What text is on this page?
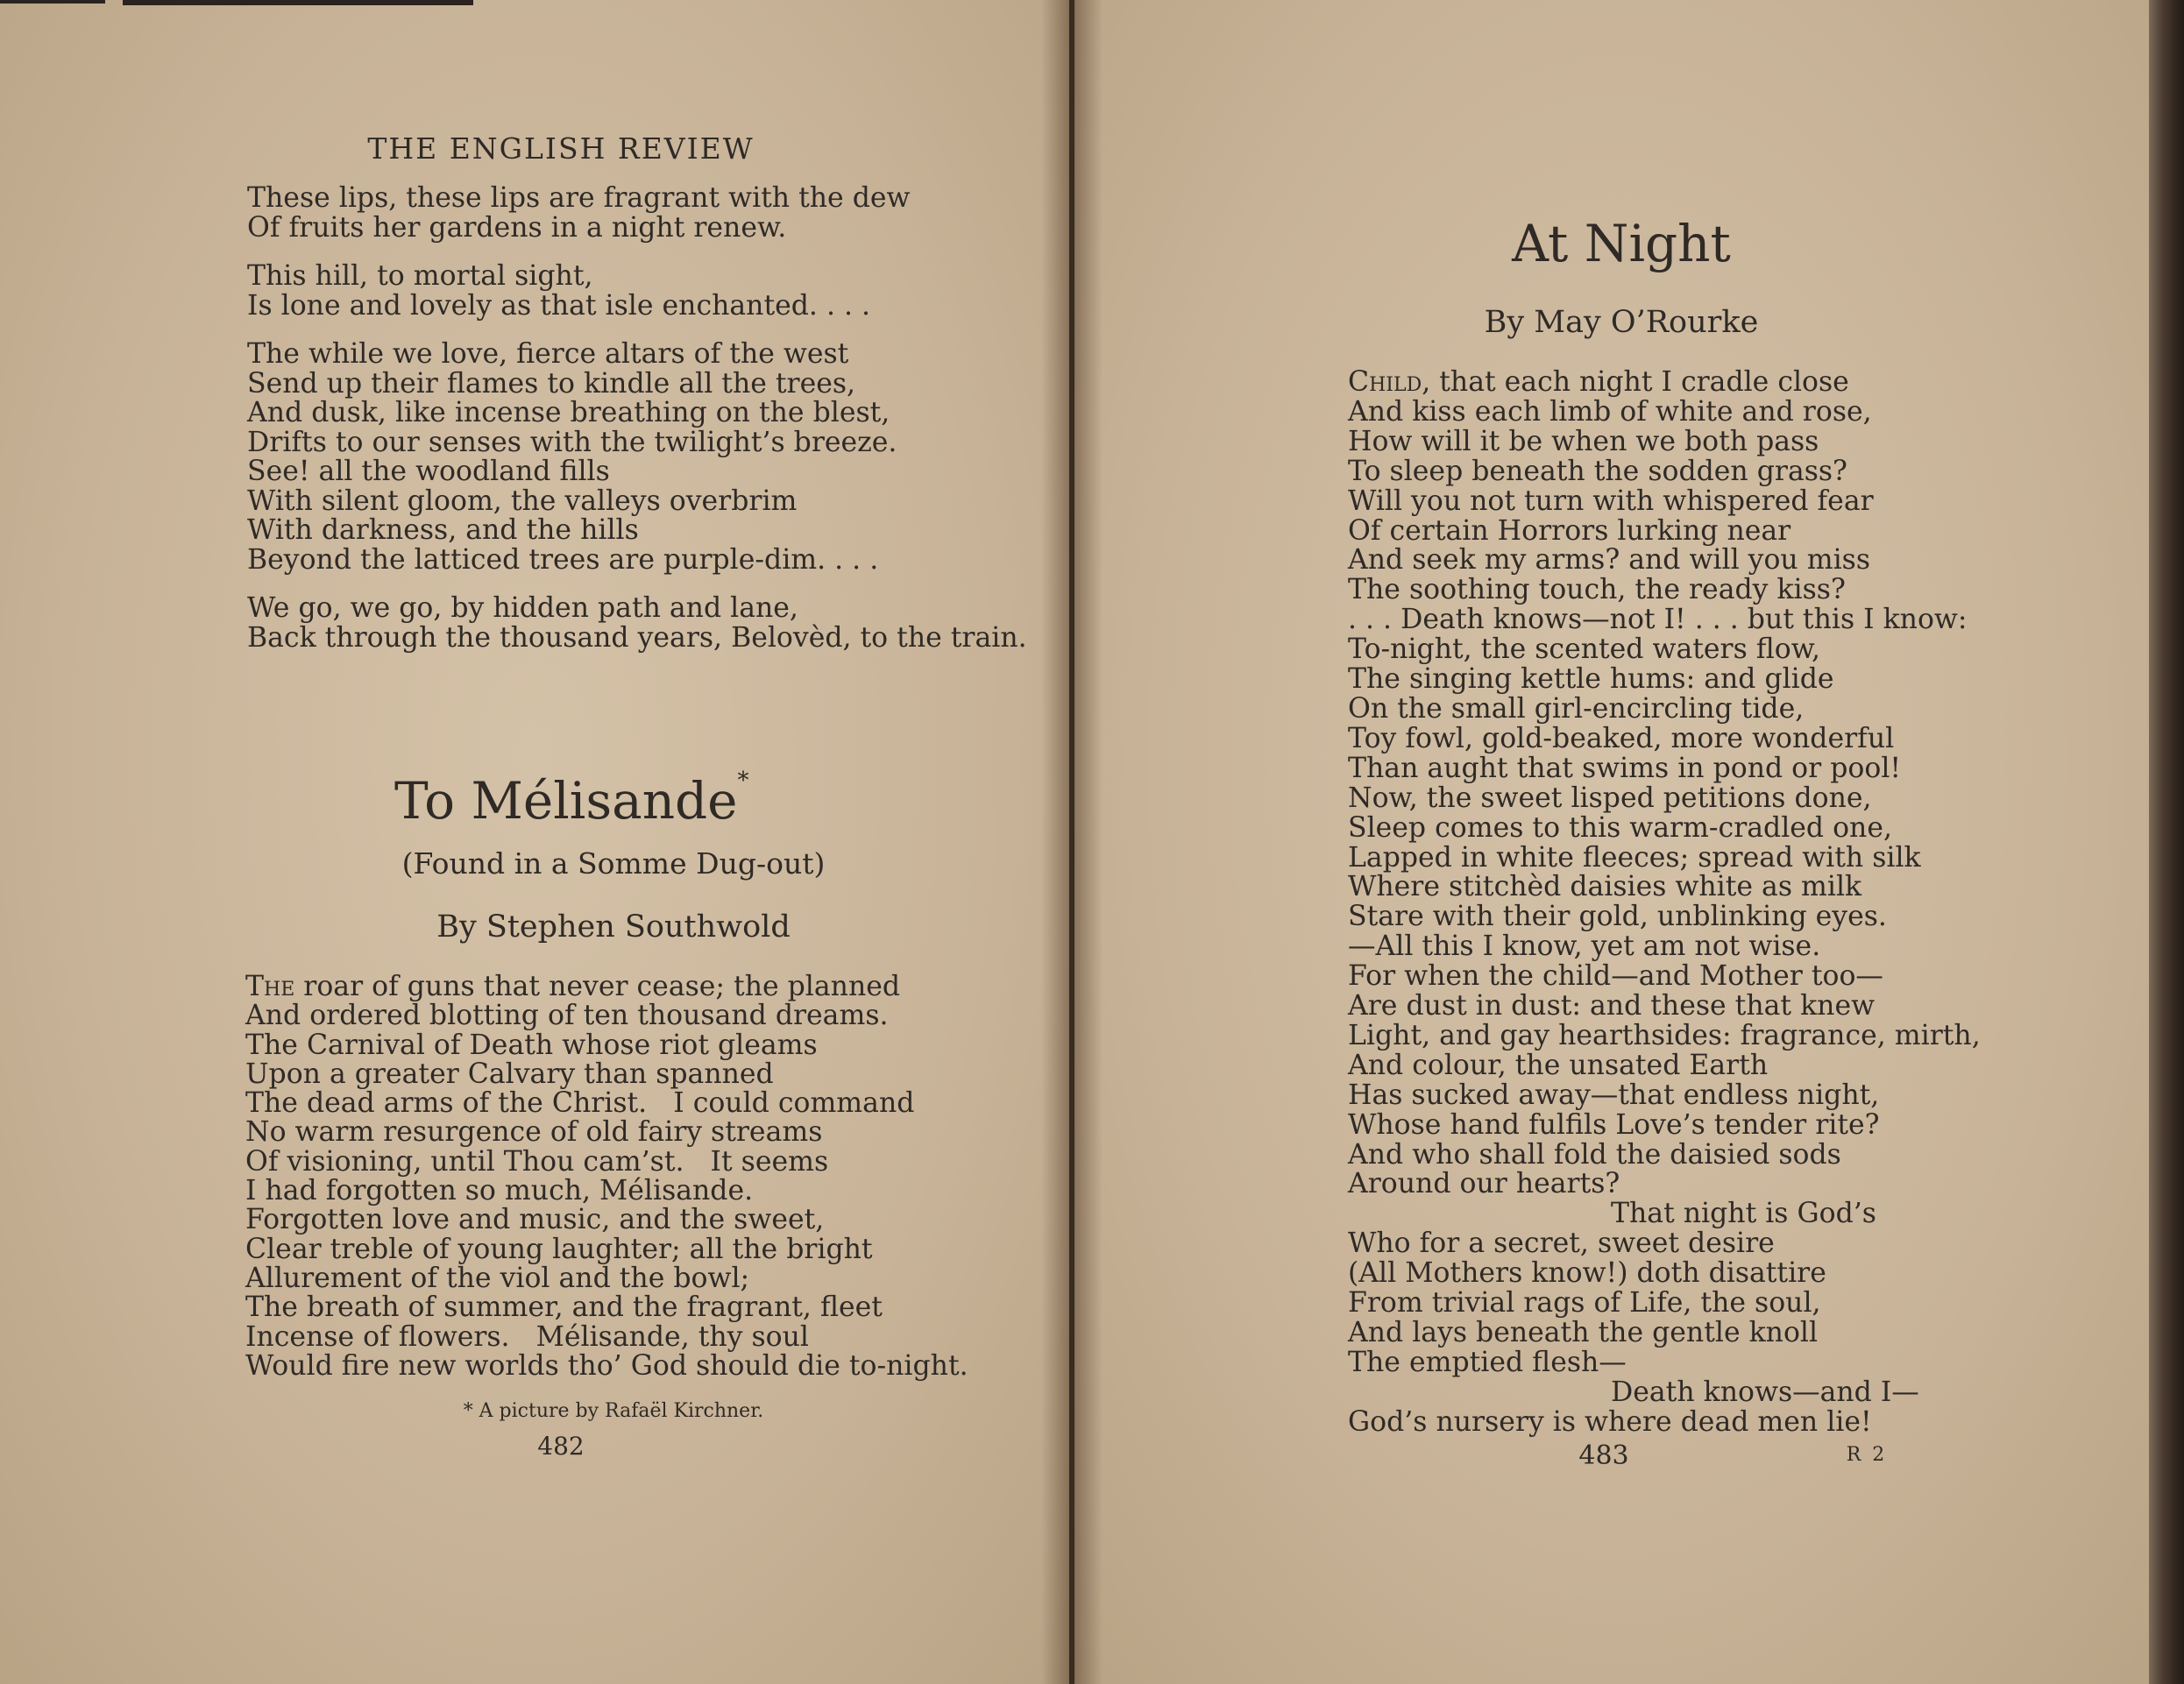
THE ENGLISH REVIEW
These lips, these lips are fragrant with the dew
Of fruits her gardens in a night renew.
This hill, to mortal sight,
Is lone and lovely as that isle enchanted. . . .
The while we love, fierce altars of the west
Send up their flames to kindle all the trees,
And dusk, like incense breathing on the blest,
Drifts to our senses with the twilight’s breeze.
See! all the woodland fills
With silent gloom, the valleys overbrim
With darkness, and the hills
Beyond the latticed trees are purple-dim. . . .
We go, we go, by hidden path and lane,
Back through the thousand years, Belovèd, to the train.
To Mélisande*
(Found in a Somme Dug-out)
By Stephen Southwold
The roar of guns that never cease; the planned
And ordered blotting of ten thousand dreams.
The Carnival of Death whose riot gleams
Upon a greater Calvary than spanned
The dead arms of the Christ.   I could command
No warm resurgence of old fairy streams
Of visioning, until Thou cam’st.   It seems
I had forgotten so much, Mélisande.
Forgotten love and music, and the sweet,
Clear treble of young laughter; all the bright
Allurement of the viol and the bowl;
The breath of summer, and the fragrant, fleet
Incense of flowers.   Mélisande, thy soul
Would fire new worlds tho’ God should die to-night.
* A picture by Rafaël Kirchner.
482
At Night
By May O’Rourke
Child, that each night I cradle close
And kiss each limb of white and rose,
How will it be when we both pass
To sleep beneath the sodden grass?
Will you not turn with whispered fear
Of certain Horrors lurking near
And seek my arms? and will you miss
The soothing touch, the ready kiss?
. . . Death knows—not I! . . . but this I know:
To-night, the scented waters flow,
The singing kettle hums: and glide
On the small girl-encircling tide,
Toy fowl, gold-beaked, more wonderful
Than aught that swims in pond or pool!
Now, the sweet lisped petitions done,
Sleep comes to this warm-cradled one,
Lapped in white fleeces; spread with silk
Where stitchèd daisies white as milk
Stare with their gold, unblinking eyes.
—All this I know, yet am not wise.
For when the child—and Mother too—
Are dust in dust: and these that knew
Light, and gay hearthsides: fragrance, mirth,
And colour, the unsated Earth
Has sucked away—that endless night,
Whose hand fulfils Love’s tender rite?
And who shall fold the daisied sods
Around our hearts?
That night is God’s
Who for a secret, sweet desire
(All Mothers know!) doth disattire
From trivial rags of Life, the soul,
And lays beneath the gentle knoll
The emptied flesh—
Death knows—and I—
God’s nursery is where dead men lie!
483	R 2
